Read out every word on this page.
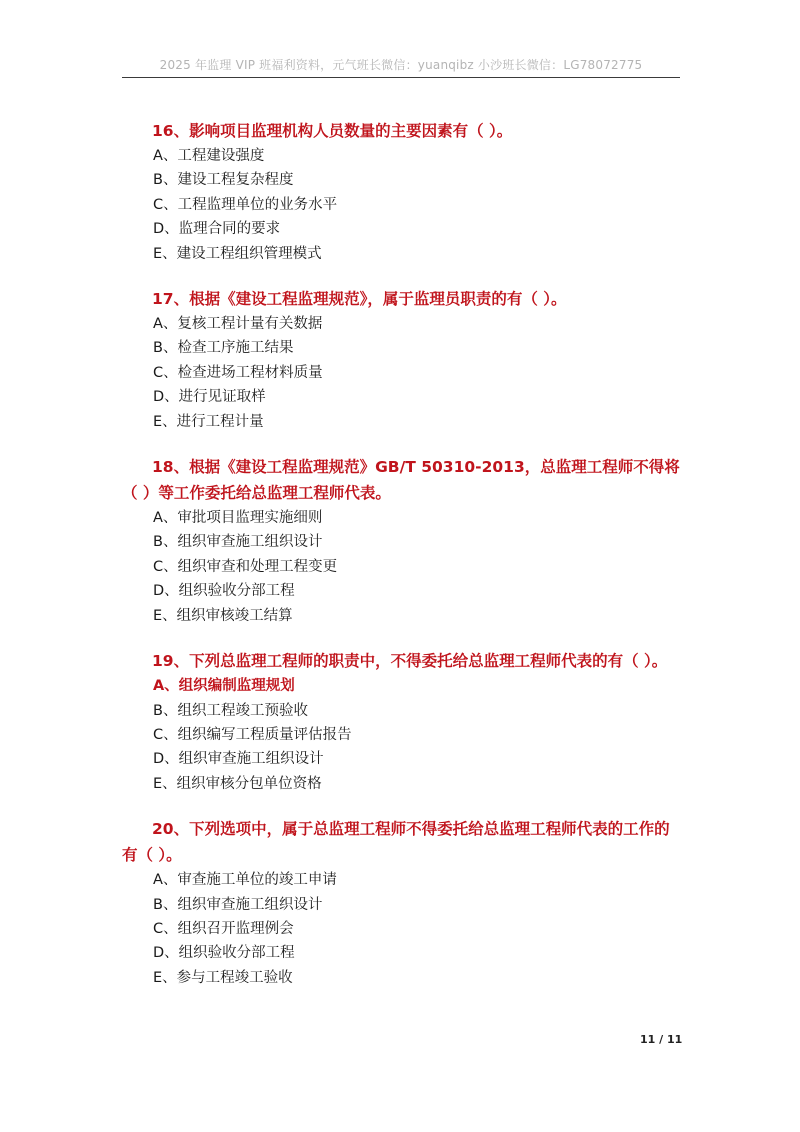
2025 年监理 VIP 班福利资料，元气班长微信：yuanqibz 小沙班长微信：LG78072775

16、影响项目监理机构人员数量的主要因素有（ ）。

A、工程建设强度
B、建设工程复杂程度
C、工程监理单位的业务水平
D、监理合同的要求
E、建设工程组织管理模式

17、根据《建设工程监理规范》，属于监理员职责的有（ ）。

A、复核工程计量有关数据
B、检查工序施工结果
C、检查进场工程材料质量
D、进行见证取样
E、进行工程计量

18、根据《建设工程监理规范》GB/T 50310-2013，总监理工程师不得将（ ）等工作委托给总监理工程师代表。

A、审批项目监理实施细则
B、组织审查施工组织设计
C、组织审查和处理工程变更
D、组织验收分部工程
E、组织审核竣工结算

19、下列总监理工程师的职责中，不得委托给总监理工程师代表的有（ ）。

A、组织编制监理规划
B、组织工程竣工预验收
C、组织编写工程质量评估报告
D、组织审查施工组织设计
E、组织审核分包单位资格

20、下列选项中，属于总监理工程师不得委托给总监理工程师代表的工作的有（ ）。

A、审查施工单位的竣工申请
B、组织审查施工组织设计
C、组织召开监理例会
D、组织验收分部工程
E、参与工程竣工验收
11 / 11
